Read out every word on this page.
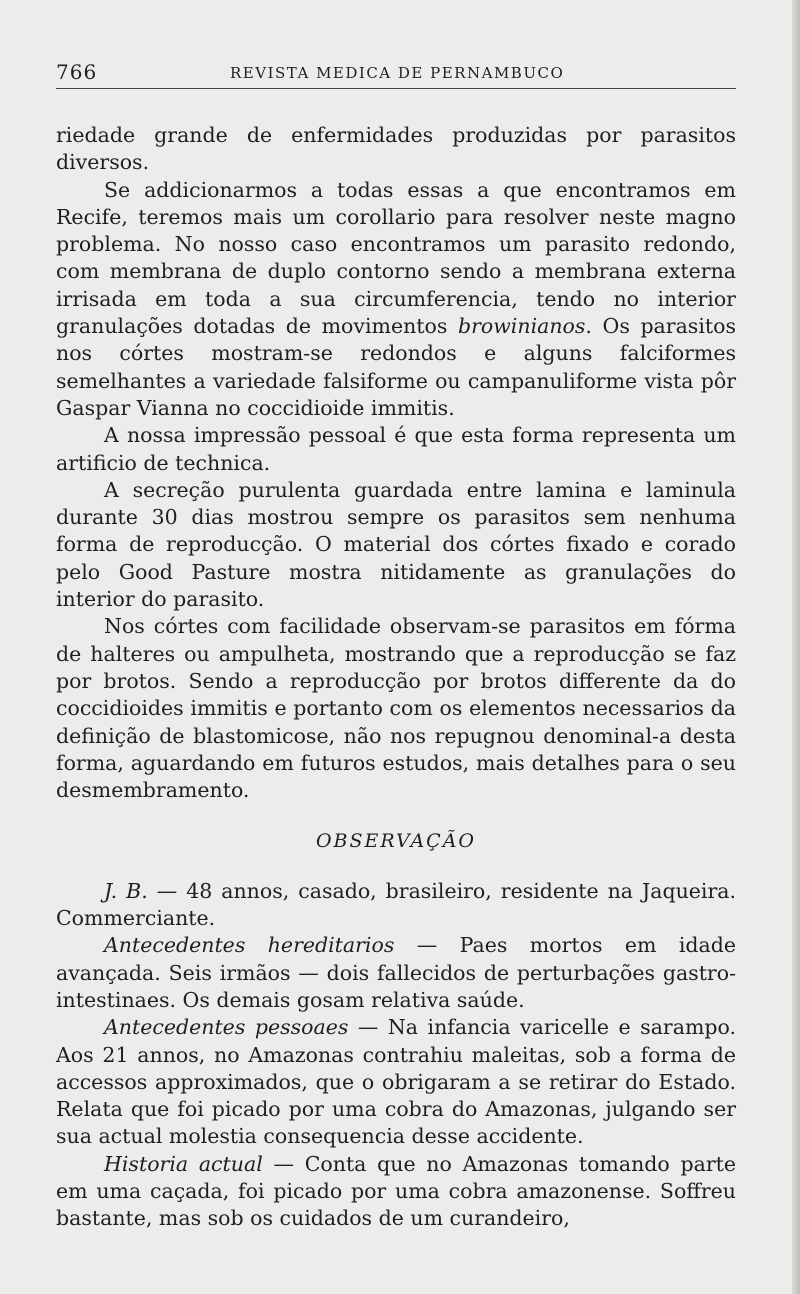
766	REVISTA MEDICA DE PERNAMBUCO

riedade grande de enfermidades produzidas por parasitos diversos.

Se addicionarmos a todas essas a que encontramos em Recife, teremos mais um corollario para resolver neste magno problema. No nosso caso encontramos um parasito redondo, com membrana de duplo contorno sendo a membrana externa irrisada em toda a sua circumferencia, tendo no interior granulações dotadas de movimentos browinianos. Os parasitos nos córtes mostram-se redondos e alguns falciformes semelhantes a variedade falsiforme ou campanuliforme vista pôr Gaspar Vianna no coccidioide immitis.

A nossa impressão pessoal é que esta forma representa um artificio de technica.

A secreção purulenta guardada entre lamina e laminula durante 30 dias mostrou sempre os parasitos sem nenhuma forma de reproducção. O material dos córtes fixado e corado pelo Good Pasture mostra nitidamente as granulações do interior do parasito.

Nos córtes com facilidade observam-se parasitos em fórma de halteres ou ampulheta, mostrando que a reproducção se faz por brotos. Sendo a reproducção por brotos differente da do coccidioides immitis e portanto com os elementos necessarios da definição de blastomicose, não nos repugnou denominal-a desta forma, aguardando em futuros estudos, mais detalhes para o seu desmembramento.

OBSERVAÇÃO

J. B. — 48 annos, casado, brasileiro, residente na Jaqueira. Commerciante.

Antecedentes hereditarios — Paes mortos em idade avançada. Seis irmãos — dois fallecidos de perturbações gastro-intestinaes. Os demais gosam relativa saúde.

Antecedentes pessoaes — Na infancia varicelle e sarampo. Aos 21 annos, no Amazonas contrahiu maleitas, sob a forma de accessos approximados, que o obrigaram a se retirar do Estado. Relata que foi picado por uma cobra do Amazonas, julgando ser sua actual molestia consequencia desse accidente.

Historia actual — Conta que no Amazonas tomando parte em uma caçada, foi picado por uma cobra amazonense. Soffreu bastante, mas sob os cuidados de um curandeiro,
